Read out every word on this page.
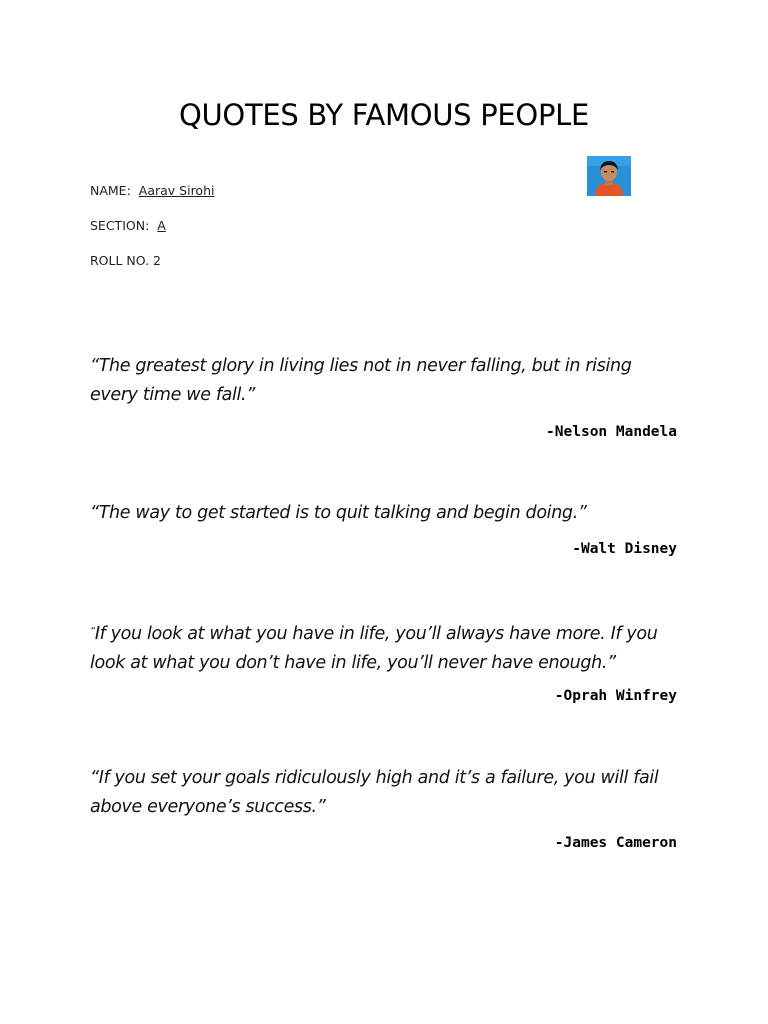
QUOTES BY FAMOUS PEOPLE
NAME: Aarav Sirohi
SECTION: A
ROLL NO. 2

“The greatest glory in living lies not in never falling, but in rising every time we fall.”

-Nelson Mandela

“The way to get started is to quit talking and begin doing.”

-Walt Disney

“If you look at what you have in life, you’ll always have more. If you look at what you don’t have in life, you’ll never have enough.”

-Oprah Winfrey

“If you set your goals ridiculously high and it’s a failure, you will fail above everyone’s success.”

-James Cameron
